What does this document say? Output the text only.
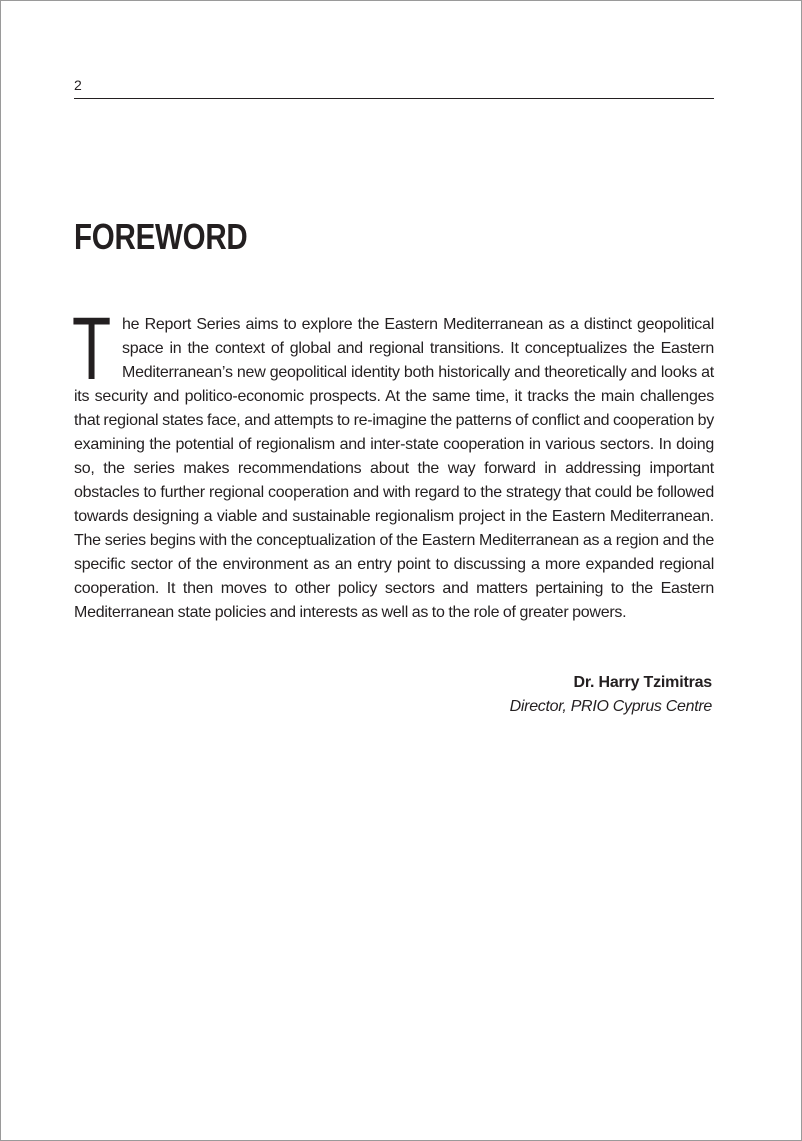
2
FOREWORD

The Report Series aims to explore the Eastern Mediterranean as a distinct geopolitical space in the context of global and regional transitions. It conceptualizes the Eastern Mediterranean’s new geopolitical identity both historically and theoretically and looks at its security and politico-economic prospects. At the same time, it tracks the main challenges that regional states face, and attempts to re-imagine the patterns of conflict and cooperation by examining the potential of regionalism and inter-state cooperation in various sectors. In doing so, the series makes recommendations about the way forward in addressing important obstacles to further regional cooperation and with regard to the strategy that could be followed towards designing a viable and sustainable regionalism project in the Eastern Mediterranean. The series begins with the conceptualization of the Eastern Mediterranean as a region and the specific sector of the environment as an entry point to discussing a more expanded regional cooperation. It then moves to other policy sectors and matters pertaining to the Eastern Mediterranean state policies and interests as well as to the role of greater powers.

Dr. Harry Tzimitras
Director, PRIO Cyprus Centre
